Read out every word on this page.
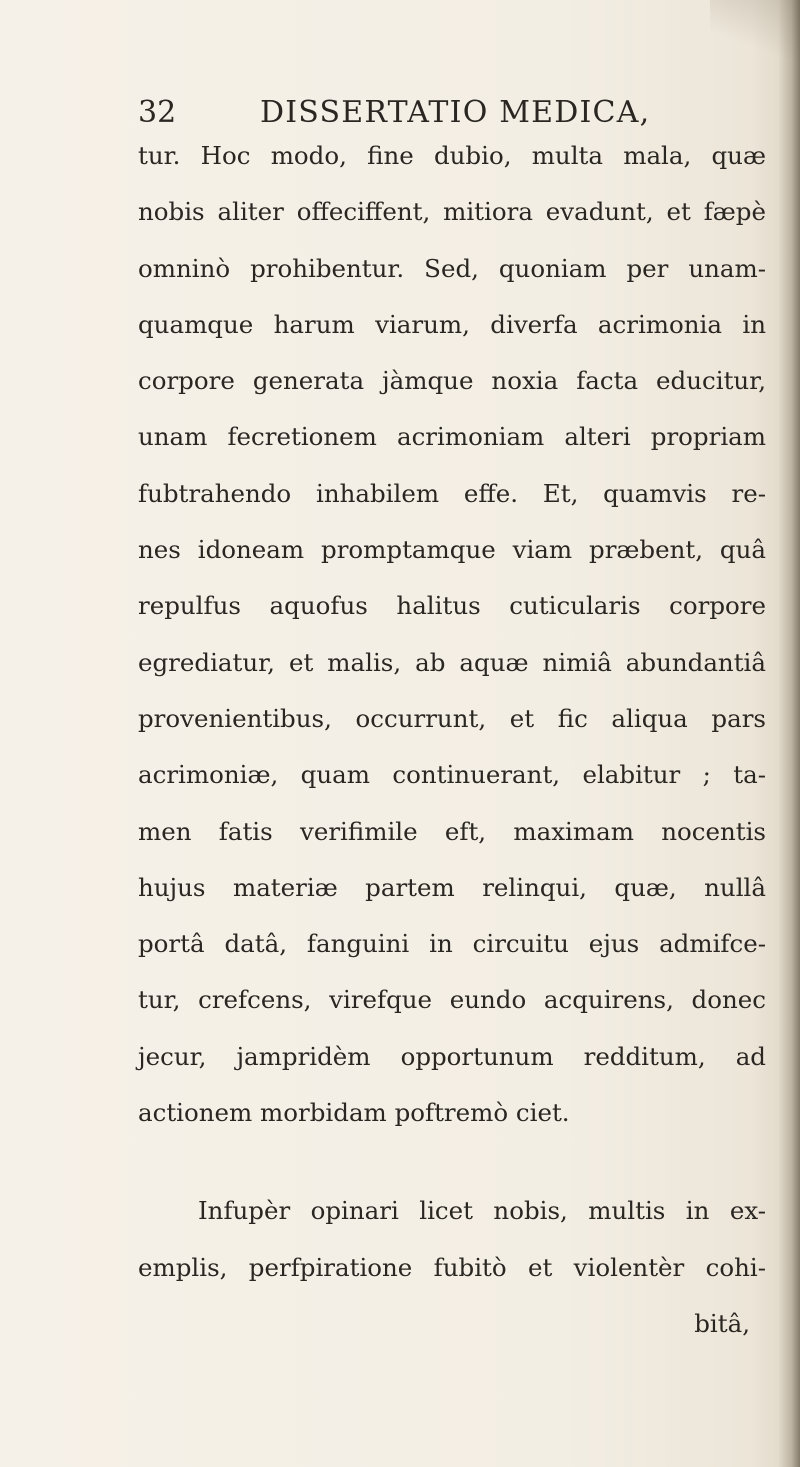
32	DISSERTATIO MEDICA,
tur. Hoc modo, fine dubio, multa mala, quæ
nobis aliter offeciffent, mitiora evadunt, et fæpè
omninò prohibentur. Sed, quoniam per unam-
quamque harum viarum, diverfa acrimonia in
corpore generata jàmque noxia facta educitur,
unam fecretionem acrimoniam alteri propriam
fubtrahendo inhabilem effe. Et, quamvis re-
nes idoneam promptamque viam præbent, quâ
repulfus aquofus halitus cuticularis corpore
egrediatur, et malis, ab aquæ nimiâ abundantiâ
provenientibus, occurrunt, et fic aliqua pars
acrimoniæ, quam continuerant, elabitur ; ta-
men fatis verifimile eft, maximam nocentis
hujus materiæ partem relinqui, quæ, nullâ
portâ datâ, fanguini in circuitu ejus admifce-
tur, crefcens, virefque eundo acquirens, donec
jecur, jampridèm opportunum redditum, ad
actionem morbidam poftremò ciet.
Infupèr opinari licet nobis, multis in ex-
emplis, perfpiratione fubitò et violentèr cohi-
bitâ,
